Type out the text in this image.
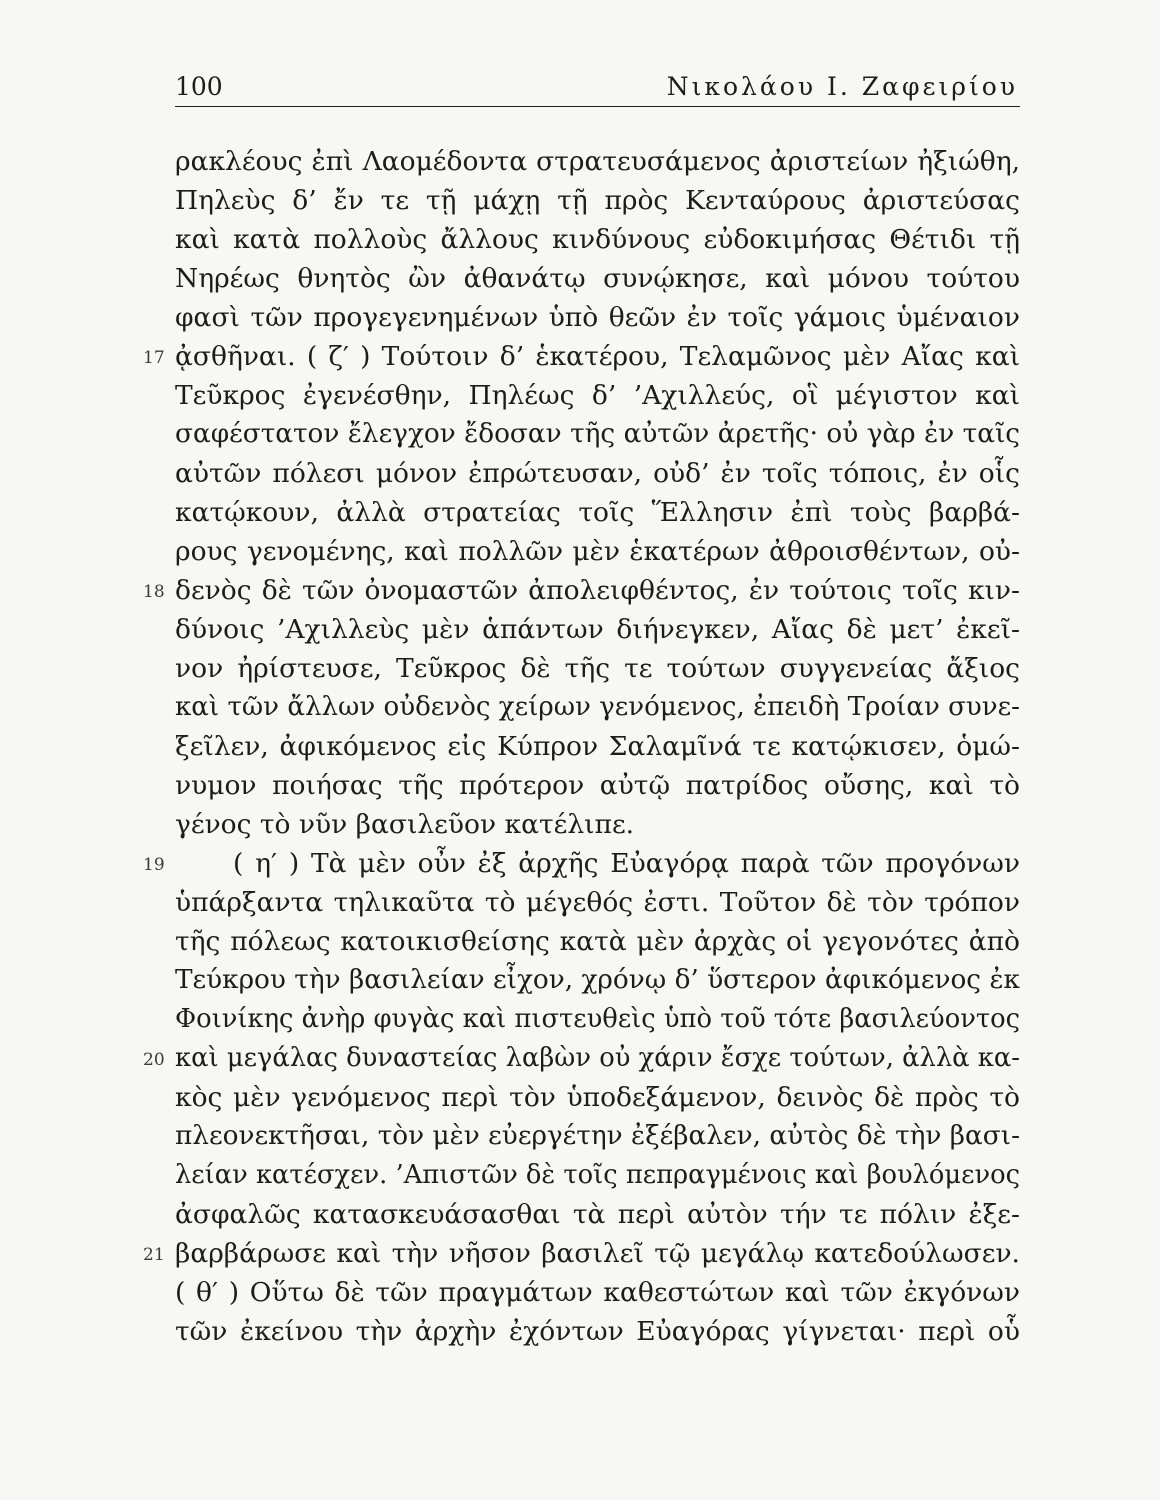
100	Νικολάου Ι. Ζαφειρίου
ρακλέους ἐπὶ Λαομέδοντα στρατευσάμενος ἀριστείων ἠξιώθη,
Πηλεὺς δ’ ἔν τε τῇ μάχῃ τῇ πρὸς Κενταύρους ἀριστεύσας
καὶ κατὰ πολλοὺς ἄλλους κινδύνους εὐδοκιμήσας Θέτιδι τῇ
Νηρέως θνητὸς ὢν ἀθανάτῳ συνῴκησε, καὶ μόνου τούτου
φασὶ τῶν προγεγενημένων ὑπὸ θεῶν ἐν τοῖς γάμοις ὑμέναιον
17 ᾀσθῆναι. ( ζ′ ) Τούτοιν δ’ ἑκατέρου, Τελαμῶνος μὲν Αἴας καὶ
Τεῦκρος ἐγενέσθην, Πηλέως δ’ ’Αχιλλεύς, οἳ μέγιστον καὶ
σαφέστατον ἔλεγχον ἔδοσαν τῆς αὐτῶν ἀρετῆς· οὐ γὰρ ἐν ταῖς
αὐτῶν πόλεσι μόνον ἐπρώτευσαν, οὐδ’ ἐν τοῖς τόποις, ἐν οἷς
κατῴκουν, ἀλλὰ στρατείας τοῖς Ἕλλησιν ἐπὶ τοὺς βαρβά-
ρους γενομένης, καὶ πολλῶν μὲν ἑκατέρων ἀθροισθέντων, οὐ-
18 δενὸς δὲ τῶν ὀνομαστῶν ἀπολειφθέντος, ἐν τούτοις τοῖς κιν-
δύνοις ’Αχιλλεὺς μὲν ἁπάντων διήνεγκεν, Αἴας δὲ μετ’ ἐκεῖ-
νον ἠρίστευσε, Τεῦκρος δὲ τῆς τε τούτων συγγενείας ἄξιος
καὶ τῶν ἄλλων οὐδενὸς χείρων γενόμενος, ἐπειδὴ Τροίαν συνε-
ξεῖλεν, ἀφικόμενος εἰς Κύπρον Σαλαμῖνά τε κατῴκισεν, ὁμώ-
νυμον ποιήσας τῆς πρότερον αὐτῷ πατρίδος οὔσης, καὶ τὸ
γένος τὸ νῦν βασιλεῦον κατέλιπε.
19	( η′ ) Τὰ μὲν οὖν ἐξ ἀρχῆς Εὐαγόρᾳ παρὰ τῶν προγόνων
ὑπάρξαντα τηλικαῦτα τὸ μέγεθός ἐστι. Τοῦτον δὲ τὸν τρόπον
τῆς πόλεως κατοικισθείσης κατὰ μὲν ἀρχὰς οἱ γεγονότες ἀπὸ
Τεύκρου τὴν βασιλείαν εἶχον, χρόνῳ δ’ ὕστερον ἀφικόμενος ἐκ
Φοινίκης ἀνὴρ φυγὰς καὶ πιστευθεὶς ὑπὸ τοῦ τότε βασιλεύοντος
20 καὶ μεγάλας δυναστείας λαβὼν οὐ χάριν ἔσχε τούτων, ἀλλὰ κα-
κὸς μὲν γενόμενος περὶ τὸν ὑποδεξάμενον, δεινὸς δὲ πρὸς τὸ
πλεονεκτῆσαι, τὸν μὲν εὐεργέτην ἐξέβαλεν, αὐτὸς δὲ τὴν βασι-
λείαν κατέσχεν. ’Απιστῶν δὲ τοῖς πεπραγμένοις καὶ βουλόμενος
ἀσφαλῶς κατασκευάσασθαι τὰ περὶ αὐτὸν τήν τε πόλιν ἐξε-
21 βαρβάρωσε καὶ τὴν νῆσον βασιλεῖ τῷ μεγάλῳ κατεδούλωσεν.
( θ′ ) Οὕτω δὲ τῶν πραγμάτων καθεστώτων καὶ τῶν ἐκγόνων
τῶν ἐκείνου τὴν ἀρχὴν ἐχόντων Εὐαγόρας γίγνεται· περὶ οὗ
